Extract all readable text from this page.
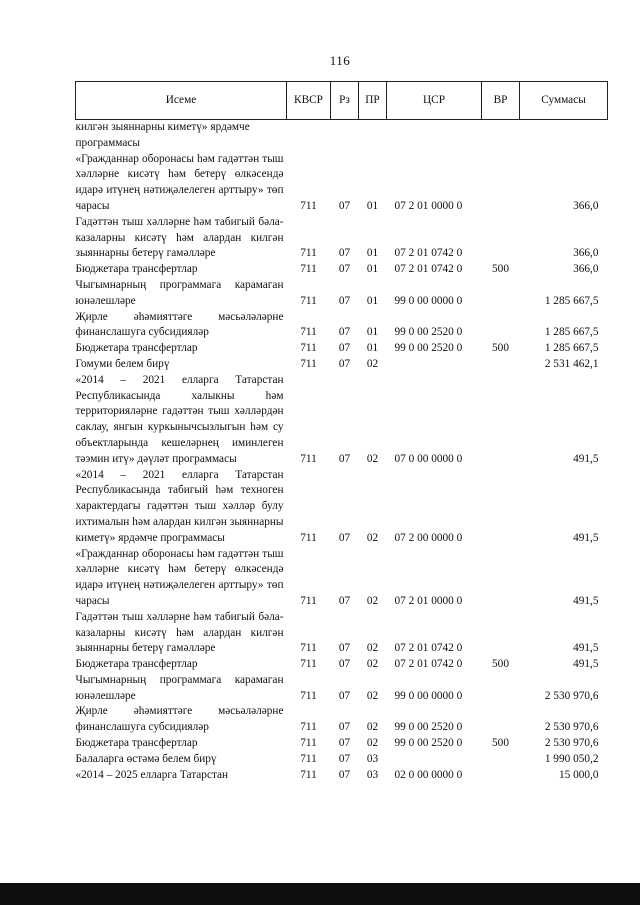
116
Исеме	КВСР	Рз	ПР	ЦСР	ВР	Суммасы
килгән зыяннарны киметү» ярдәмче программасы						
«Гражданнар оборонасы һәм гадәттән тыш хәлләрне кисәтү һәм бетерү өлкәсендә идарә итүнең нәтиҗәлелеген арттыру» төп чарасы	711	07	01	07 2 01 0000 0		366,0
Гадәттән тыш хәлләрне һәм табигый бәла-казаларны кисәтү һәм алардан килгән зыяннарны бетерү гамәлләре	711	07	01	07 2 01 0742 0		366,0
Бюджетара трансфертлар	711	07	01	07 2 01 0742 0	500	366,0
Чыгымнарның программага карамаган юнәлешләре	711	07	01	99 0 00 0000 0		1 285 667,5
Җирле әһәмияттәге мәсьәләләрне финанслашуга субсидияләр	711	07	01	99 0 00 2520 0		1 285 667,5
Бюджетара трансфертлар	711	07	01	99 0 00 2520 0	500	1 285 667,5
Гомуми белем бирү	711	07	02			2 531 462,1
«2014 – 2021 елларга Татарстан Республикасында халыкны һәм территорияләрне гадәттән тыш хәлләрдән саклау, янгын куркынычсызлыгын һәм су объектларында кешеләрнең иминлеген тәэмин итү» дәүләт программасы	711	07	02	07 0 00 0000 0		491,5
«2014 – 2021 елларга Татарстан Республикасында табигый һәм техноген характердагы гадәттән тыш хәлләр булу ихтималын һәм алардан килгән зыяннарны киметү» ярдәмче программасы	711	07	02	07 2 00 0000 0		491,5
«Гражданнар оборонасы һәм гадәттән тыш хәлләрне кисәтү һәм бетерү өлкәсендә идарә итүнең нәтиҗәлелеген арттыру» төп чарасы	711	07	02	07 2 01 0000 0		491,5
Гадәттән тыш хәлләрне һәм табигый бәла-казаларны кисәтү һәм алардан килгән зыяннарны бетерү гамәлләре	711	07	02	07 2 01 0742 0		491,5
Бюджетара трансфертлар	711	07	02	07 2 01 0742 0	500	491,5
Чыгымнарның программага карамаган юнәлешләре	711	07	02	99 0 00 0000 0		2 530 970,6
Җирле әһәмияттәге мәсьәләләрне финанслашуга субсидияләр	711	07	02	99 0 00 2520 0		2 530 970,6
Бюджетара трансфертлар	711	07	02	99 0 00 2520 0	500	2 530 970,6
Балаларга өстәмә белем бирү	711	07	03			1 990 050,2
«2014 – 2025 елларга Татарстан	711	07	03	02 0 00 0000 0		15 000,0
